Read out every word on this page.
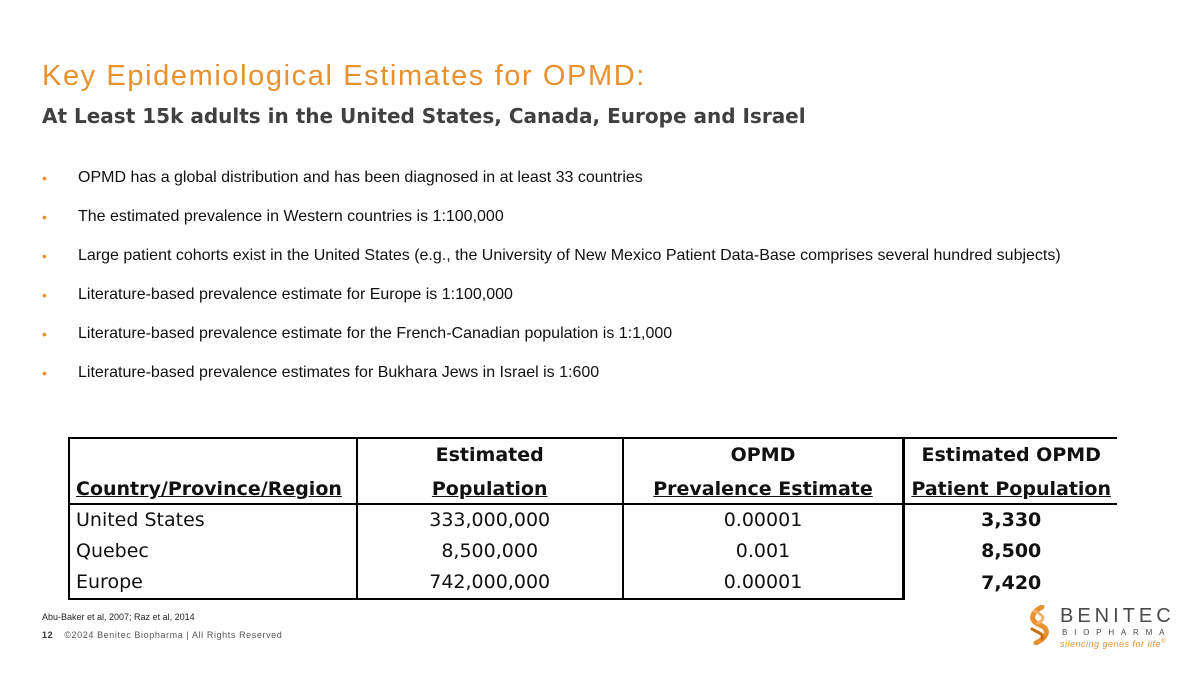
Key Epidemiological Estimates for OPMD:
At Least 15k adults in the United States, Canada, Europe and Israel
• OPMD has a global distribution and has been diagnosed in at least 33 countries
• The estimated prevalence in Western countries is 1:100,000
• Large patient cohorts exist in the United States (e.g., the University of New Mexico Patient Data-Base comprises several hundred subjects)
• Literature-based prevalence estimate for Europe is 1:100,000
• Literature-based prevalence estimate for the French-Canadian population is 1:1,000
• Literature-based prevalence estimates for Bukhara Jews in Israel is 1:600
	Estimated	OPMD	Estimated OPMD
Country/Province/Region	Population	Prevalence Estimate	Patient Population
United States	333,000,000	0.00001	3,330
Quebec	8,500,000	0.001	8,500
Europe	742,000,000	0.00001	7,420
Abu-Baker et al, 2007; Raz et al, 2014
12 ©2024 Benitec Biopharma | All Rights Reserved
BENITEC
BIOPHARMA
silencing genes for life®
